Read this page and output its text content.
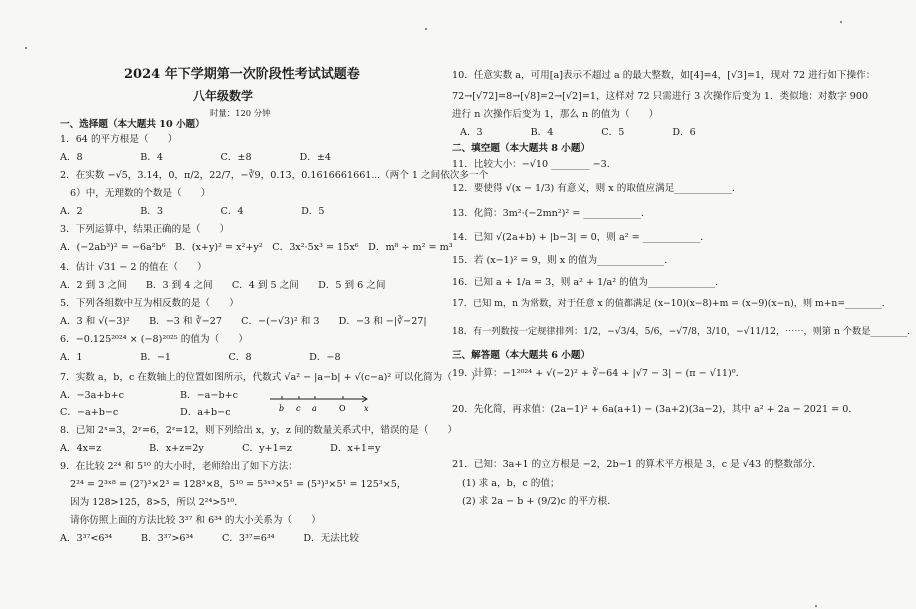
2024 年下学期第一次阶段性考试试题卷
八年级数学
时量：120 分钟
一、选择题（本大题共 10 小题）
1．64 的平方根是（　　）
A．8　　　　　　B．4　　　　　　C．±8　　　　　D．±4
2．在实数 −√5，3.14，0，π/2，22/7，−∛9，0.1̇3̇，0.1616661661⋯（两个 1 之间依次多一个
6）中，无理数的个数是（　　）
A．2　　　　　　B．3　　　　　　C．4　　　　　　D．5
3．下列运算中，结果正确的是（　　）
A．(−2ab³)² = −6a²b⁶　B．(x+y)² = x²+y²　C．3x²·5x³ = 15x⁶　D．m⁸ ÷ m² = m³
4．估计 √31 − 2 的值在（　　）
A．2 到 3 之间　　B．3 到 4 之间　　C．4 到 5 之间　　D．5 到 6 之间
5．下列各组数中互为相反数的是（　　）
A．3 和 √(−3)²　　B．−3 和 ∛−27　　C．−(−√3)² 和 3　　D．−3 和 −|∛−27|
6．−0.125²⁰²⁴ × (−8)²⁰²⁵ 的值为（　　）
A．1　　　　　　B．−1　　　　　　C．8　　　　　　D．−8
7．实数 a，b，c 在数轴上的位置如图所示，代数式 √a² − |a−b| + √(c−a)² 可以化简为（　　）
A．−3a+b+c	B．−a−b+c
C．−a+b−c	D．a+b−c	b c a	O x
8．已知 2ˣ=3，2ʸ=6，2ᶻ=12，则下列给出 x，y，z 间的数量关系式中，错误的是（　　）
A．4x=z　　　　　B．x+z=2y　　　　C．y+1=z　　　　D．x+1=y
9．在比较 2²⁴ 和 5¹⁰ 的大小时，老师给出了如下方法：
2²⁴ = 2³ˣ⁸ = (2⁷)³×2³ = 128³×8，5¹⁰ = 5³ˣ³×5¹ = (5³)³×5¹ = 125³×5，
因为 128>125，8>5，所以 2²⁴>5¹⁰.
请你仿照上面的方法比较 3³⁷ 和 6³⁴ 的大小关系为（　　）
A．3³⁷<6³⁴　　　B．3³⁷>6³⁴　　　C．3³⁷=6³⁴　　　D．无法比较
10．任意实数 a，可用[a]表示不超过 a 的最大整数，如[4]=4，[√3]=1，现对 72 进行如下操作：
72→[√72]=8→[√8]=2→[√2]=1，这样对 72 只需进行 3 次操作后变为 1．类似地：对数字 900
进行 n 次操作后变为 1，那么 n 的值为（　　）
A．3　　　　　B．4　　　　　C．5　　　　　D．6
二、填空题（本大题共 8 小题）
11．比较大小：−√10 ________ −3．
12．要使得 √(x − 1/3) 有意义，则 x 的取值应满足____________．
13．化简：3m²·(−2mn²)² = ____________．
14．已知 √(2a+b) + |b−3| = 0，则 a² = ____________．
15．若 (x−1)² = 9，则 x 的值为______________．
16．已知 a + 1/a = 3，则 a² + 1/a² 的值为______________．
17．已知 m，n 为常数，对于任意 x 的值都满足 (x−10)(x−8)+m = (x−9)(x−n)，则 m+n=________．
18．有一列数按一定规律排列：1/2，−√3/4，5/6，−√7/8，3/10，−√11/12，⋯⋯，则第 n 个数是________．
三、解答题（本大题共 6 小题）
19．计算：−1²⁰²⁴ + √(−2)² + ∛−64 + |√7 − 3| − (π − √11)⁰．
20．先化简，再求值：(2a−1)² + 6a(a+1) − (3a+2)(3a−2)，其中 a² + 2a − 2021 = 0．
21．已知：3a+1 的立方根是 −2，2b−1 的算术平方根是 3，c 是 √43 的整数部分．
(1) 求 a，b，c 的值；
(2) 求 2a − b + (9/2)c 的平方根．
